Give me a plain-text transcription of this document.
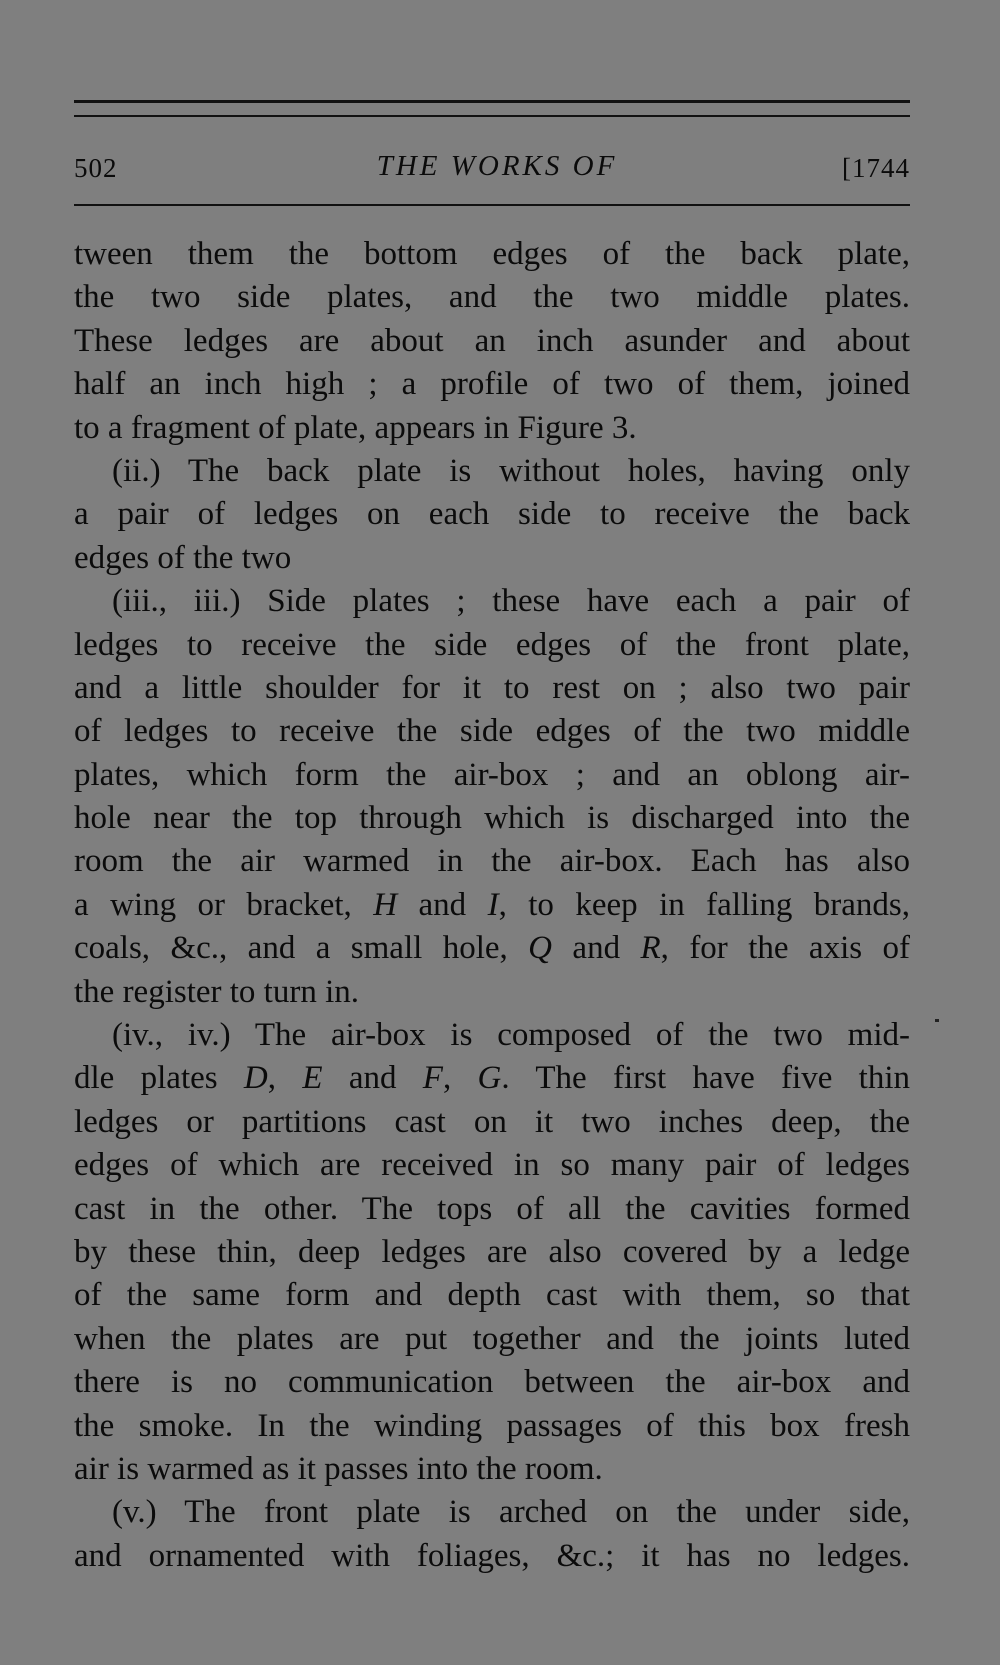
502	THE WORKS OF	[1744
tween them the bottom edges of the back plate,
the two side plates, and the two middle plates.
These ledges are about an inch asunder and about
half an inch high ; a profile of two of them, joined
to a fragment of plate, appears in Figure 3.
(ii.) The back plate is without holes, having only
a pair of ledges on each side to receive the back
edges of the two
(iii., iii.) Side plates ; these have each a pair of
ledges to receive the side edges of the front plate,
and a little shoulder for it to rest on ; also two pair
of ledges to receive the side edges of the two middle
plates, which form the air-box ; and an oblong air-
hole near the top through which is discharged into the
room the air warmed in the air-box. Each has also
a wing or bracket, H and I, to keep in falling brands,
coals, &c., and a small hole, Q and R, for the axis of
the register to turn in.
(iv., iv.) The air-box is composed of the two mid-
dle plates D, E and F, G. The first have five thin
ledges or partitions cast on it two inches deep, the
edges of which are received in so many pair of ledges
cast in the other. The tops of all the cavities formed
by these thin, deep ledges are also covered by a ledge
of the same form and depth cast with them, so that
when the plates are put together and the joints luted
there is no communication between the air-box and
the smoke. In the winding passages of this box fresh
air is warmed as it passes into the room.
(v.) The front plate is arched on the under side,
and ornamented with foliages, &c.; it has no ledges.
